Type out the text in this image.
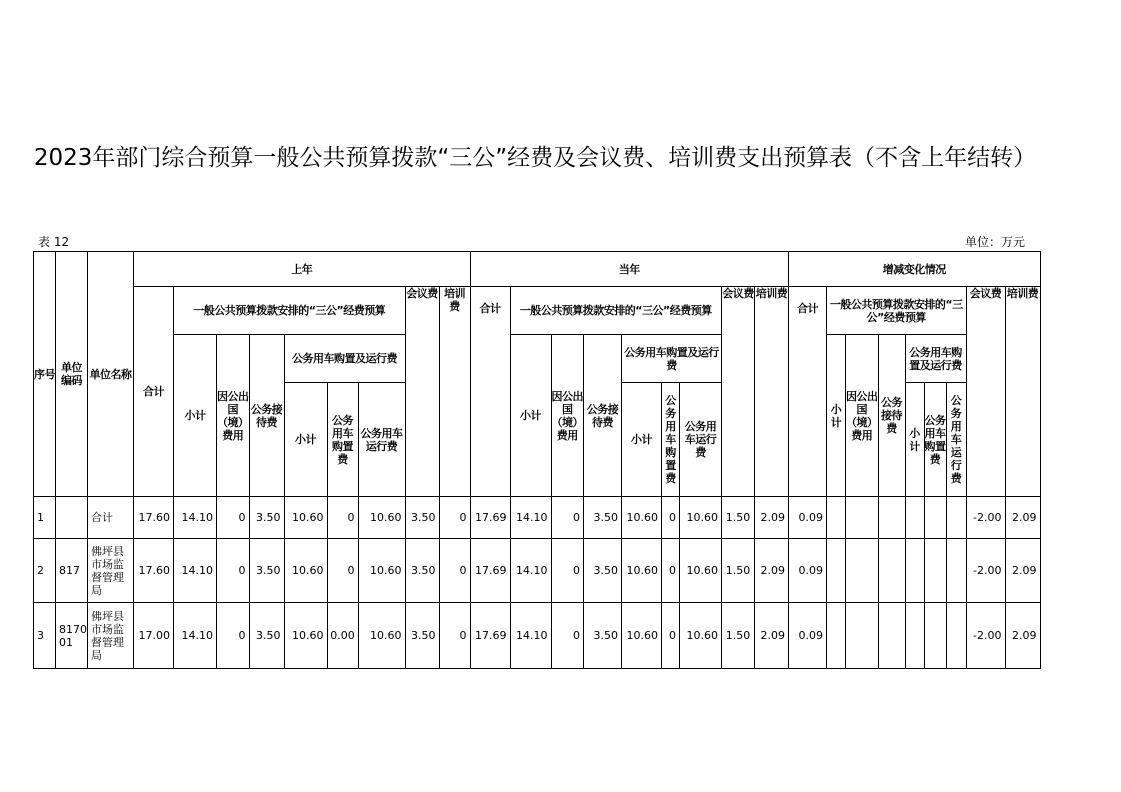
2023年部门综合预算一般公共预算拨款“三公”经费及会议费、培训费支出预算表（不含上年结转）
表 12	单位：万元
序号	单位编码	单位名称	上年									当年									增减变化情况								
			合计	一般公共预算拨款安排的“三公”经费预算						会议费	培训费	合计	一般公共预算拨款安排的“三公”经费预算						会议费	培训费	合计	一般公共预算拨款安排的“三公”经费预算						会议费	培训费
				小计	因公出国（境）费用	公务接待费	公务用车购置及运行费						小计	因公出国（境）费用	公务接待费	公务用车购置及运行费						小计	因公出国（境）费用	公务接待费	公务用车购置及运行费				
							小计	公务用车购置费	公务用车运行费							小计	公务用车购置费	公务用车运行费							小计	公务用车购置费	公务用车运行费		

1		合计	17.60	14.10	0	3.50	10.60	0	10.60	3.50	0	17.69	14.10	0	3.50	10.60	0	10.60	1.50	2.09	0.09							-2.00	2.09
2	817	佛坪县市场监督管理局	17.60	14.10	0	3.50	10.60	0	10.60	3.50	0	17.69	14.10	0	3.50	10.60	0	10.60	1.50	2.09	0.09							-2.00	2.09
3	817001	佛坪县市场监督管理局	17.00	14.10	0	3.50	10.60	0.00	10.60	3.50	0	17.69	14.10	0	3.50	10.60	0	10.60	1.50	2.09	0.09							-2.00	2.09
